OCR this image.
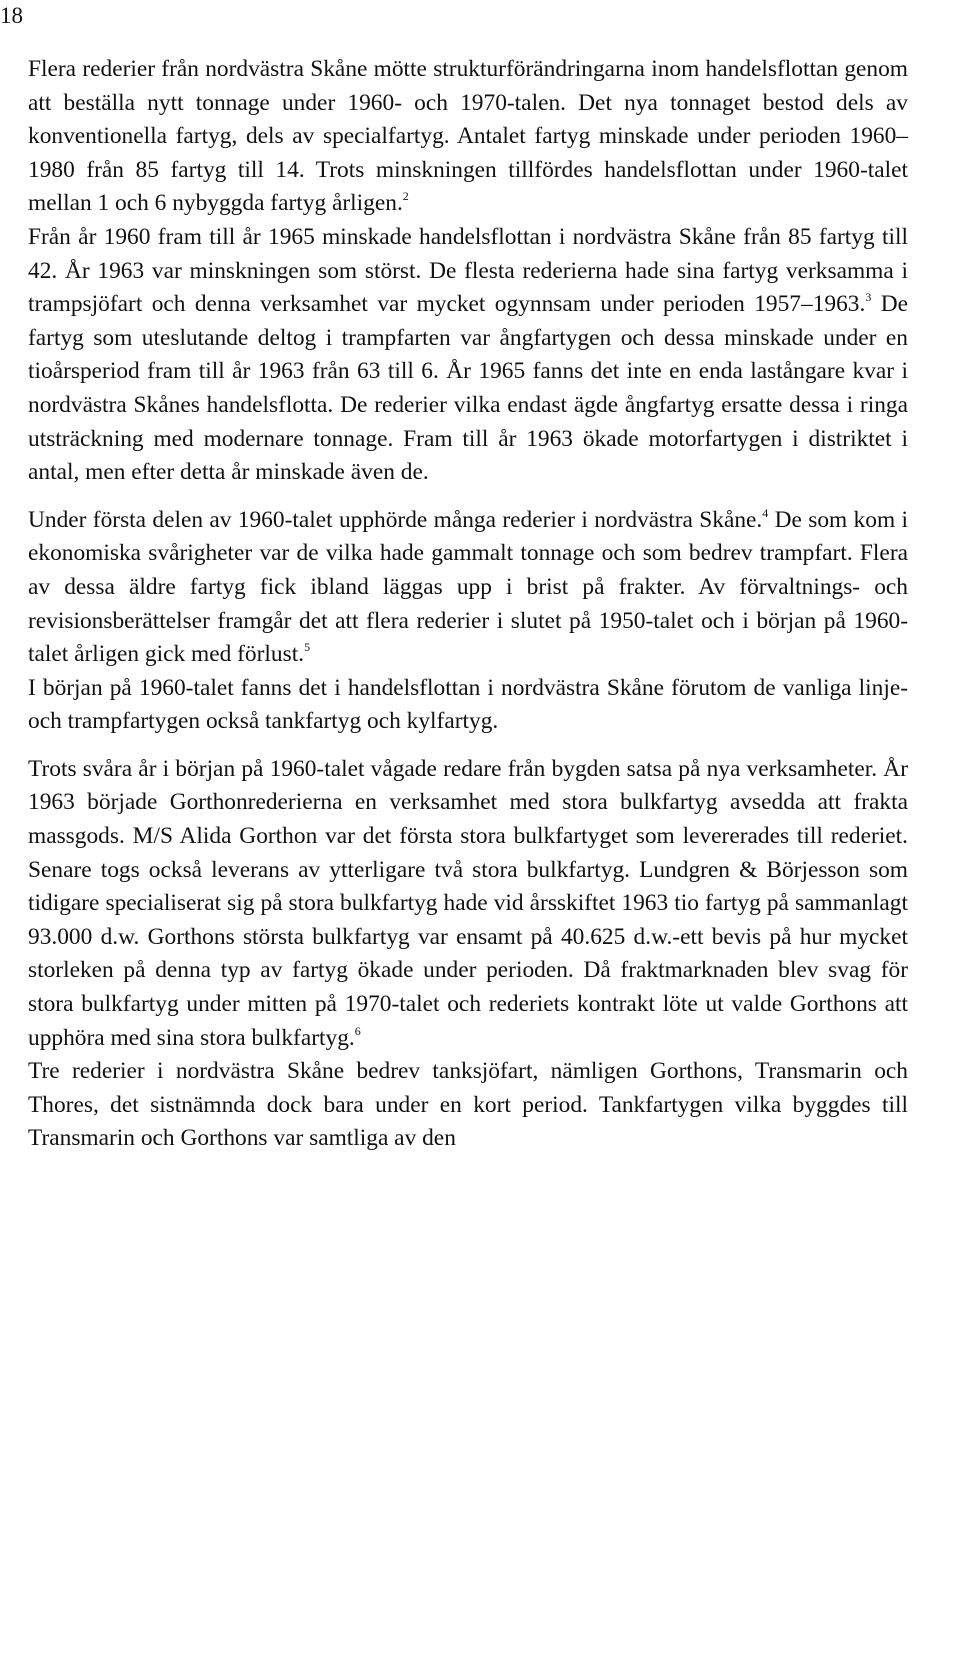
18

Flera rederier från nordvästra Skåne mötte strukturförändringarna inom handelsflottan genom att beställa nytt tonnage under 1960- och 1970-talen. Det nya tonnaget bestod dels av konventionella fartyg, dels av specialfartyg. Antalet fartyg minskade under perioden 1960–1980 från 85 fartyg till 14. Trots minskningen tillfördes handelsflottan under 1960-talet mellan 1 och 6 nybyggda fartyg årligen.$^2$

Från år 1960 fram till år 1965 minskade handelsflottan i nordvästra Skåne från 85 fartyg till 42. År 1963 var minskningen som störst. De flesta rederierna hade sina fartyg verksamma i trampsjöfart och denna verksamhet var mycket ogynnsam under perioden 1957–1963.$^3$ De fartyg som uteslutande deltog i trampfarten var ångfartygen och dessa minskade under en tioårsperiod fram till år 1963 från 63 till 6. År 1965 fanns det inte en enda lastångare kvar i nordvästra Skånes handelsflotta. De rederier vilka endast ägde ångfartyg ersatte dessa i ringa utsträckning med modernare tonnage. Fram till år 1963 ökade motorfartygen i distriktet i antal, men efter detta år minskade även de.

Under första delen av 1960-talet upphörde många rederier i nordvästra Skåne.$^4$ De som kom i ekonomiska svårigheter var de vilka hade gammalt tonnage och som bedrev trampfart. Flera av dessa äldre fartyg fick ibland läggas upp i brist på frakter. Av förvaltnings- och revisionsberättelser framgår det att flera rederier i slutet på 1950-talet och i början på 1960-talet årligen gick med förlust.$^5$

I början på 1960-talet fanns det i handelsflottan i nordvästra Skåne förutom de vanliga linje- och trampfartygen också tankfartyg och kylfartyg.

Trots svåra år i början på 1960-talet vågade redare från bygden satsa på nya verksamheter. År 1963 började Gorthonrederierna en verksamhet med stora bulkfartyg avsedda att frakta massgods. M/S Alida Gorthon var det första stora bulkfartyget som levererades till rederiet. Senare togs också leverans av ytterligare två stora bulkfartyg. Lundgren & Börjesson som tidigare specialiserat sig på stora bulkfartyg hade vid årsskiftet 1963 tio fartyg på sammanlagt 93.000 d.w. Gorthons största bulkfartyg var ensamt på 40.625 d.w.-ett bevis på hur mycket storleken på denna typ av fartyg ökade under perioden. Då fraktmarknaden blev svag för stora bulkfartyg under mitten på 1970-talet och rederiets kontrakt löte ut valde Gorthons att upphöra med sina stora bulkfartyg.$^6$

Tre rederier i nordvästra Skåne bedrev tanksjöfart, nämligen Gorthons, Transmarin och Thores, det sistnämnda dock bara under en kort period. Tankfartygen vilka byggdes till Transmarin och Gorthons var samtliga av den
